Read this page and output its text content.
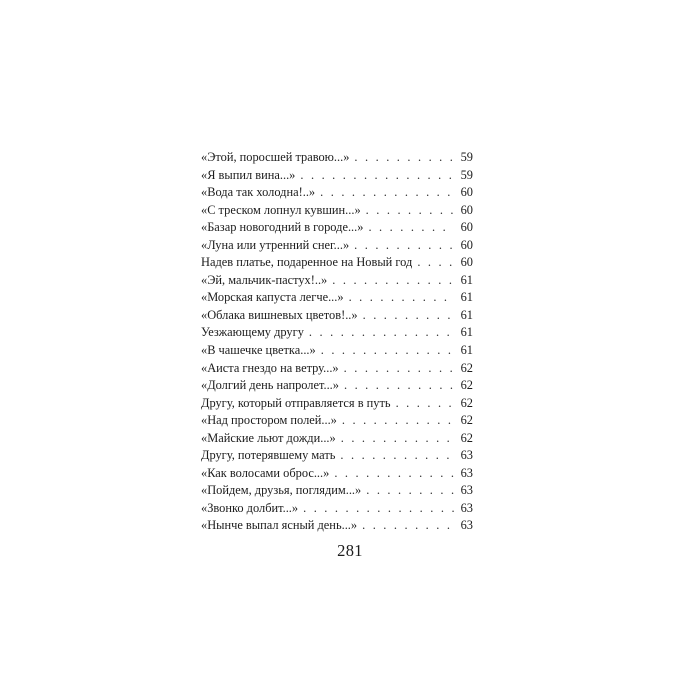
«Этой, поросшей травою...» . . .	59
«Я выпил вина...» . . .	59
«Вода так холодна!..» . . .	60
«С треском лопнул кувшин...» . . .	60
«Базар новогодний в городе...» . . .	60
«Луна или утренний снег...» . . .	60
Надев платье, подаренное на Новый год . . .	60
«Эй, мальчик-пастух!..» . . .	61
«Морская капуста легче...» . . .	61
«Облака вишневых цветов!..» . . .	61
Уезжающему другу . . .	61
«В чашечке цветка...» . . .	61
«Аиста гнездо на ветру...» . . .	62
«Долгий день напролет...» . . .	62
Другу, который отправляется в путь . . .	62
«Над простором полей...» . . .	62
«Майские льют дожди...» . . .	62
Другу, потерявшему мать . . .	63
«Как волосами оброс...» . . .	63
«Пойдем, друзья, поглядим...» . . .	63
«Звонко долбит...» . . .	63
«Нынче выпал ясный день...» . . .	63
281
